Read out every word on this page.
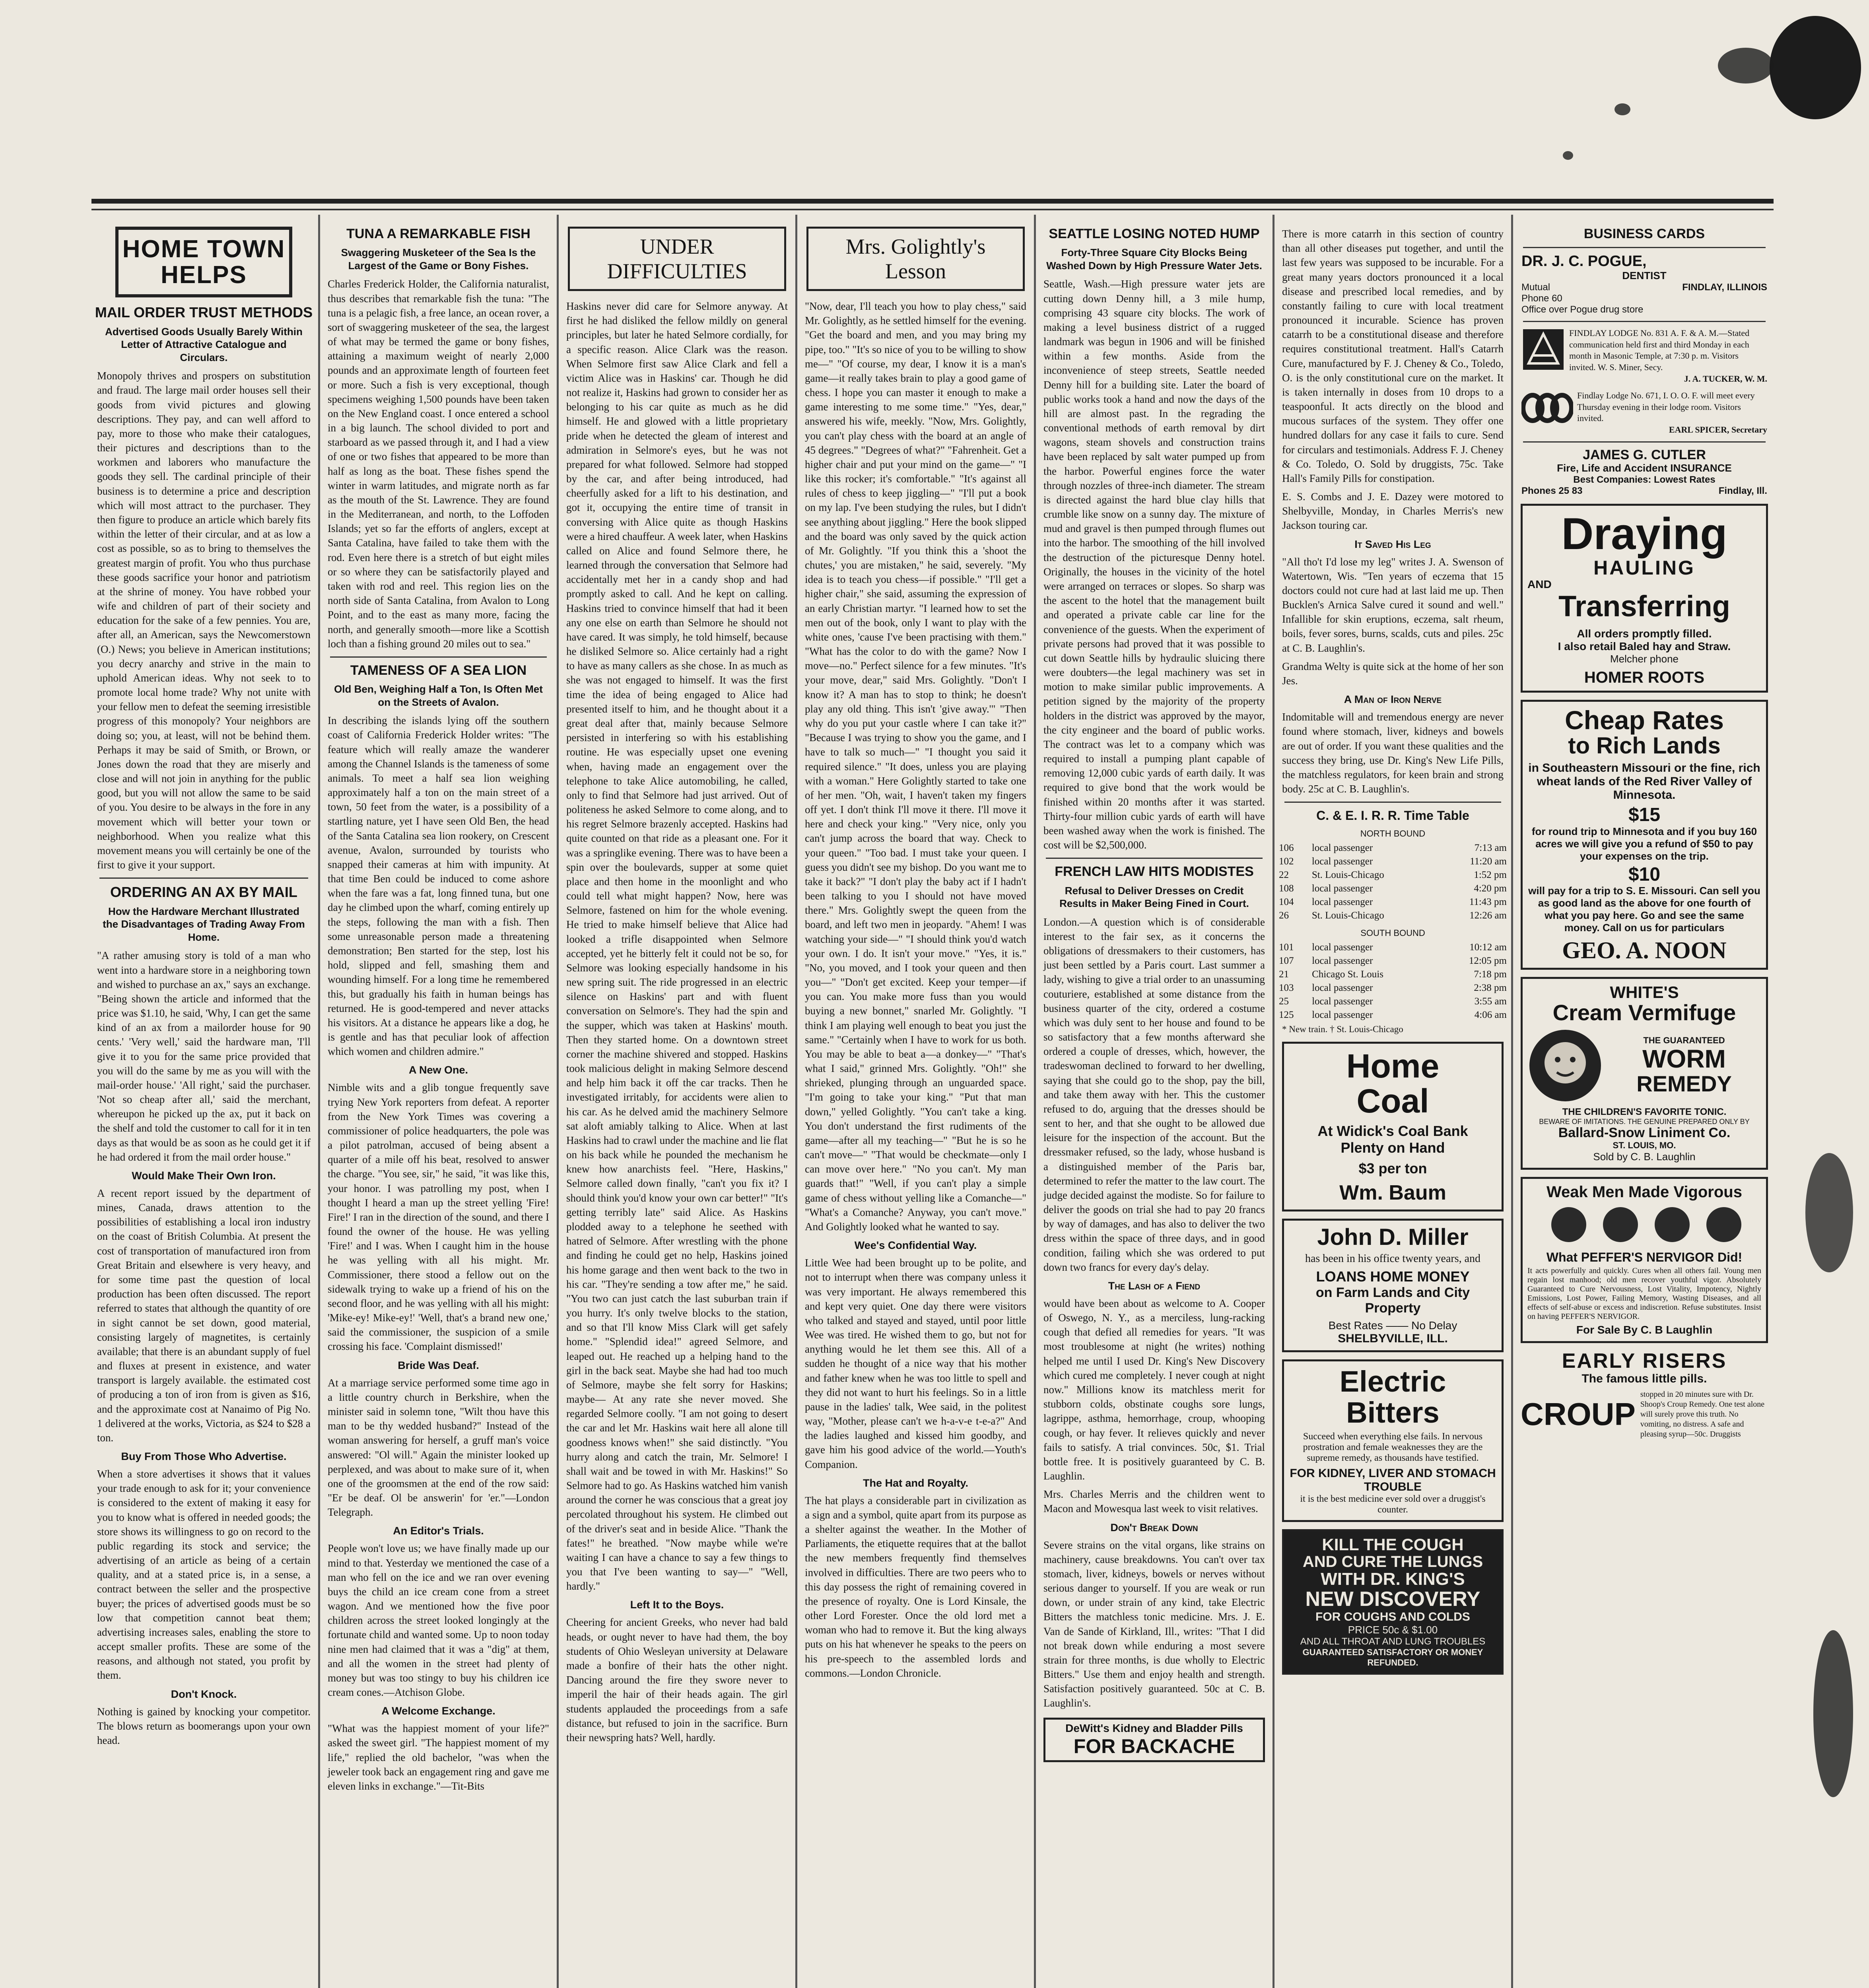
HOME TOWN
HELPS
MAIL ORDER TRUST METHODS
Advertised Goods Usually Barely Within Letter of Attractive Catalogue and Circulars.
Monopoly thrives and prospers on substitution and fraud. The large mail order houses sell their goods from vivid pictures and glowing descriptions. They pay, and can well afford to pay, more to those who make their catalogues, their pictures and descriptions than to the workmen and laborers who manufacture the goods they sell. The cardinal principle of their business is to determine a price and description which will most attract to the purchaser. They then figure to produce an article which barely fits within the letter of their circular, and at as low a cost as possible, so as to bring to themselves the greatest margin of profit. You who thus purchase these goods sacrifice your honor and patriotism at the shrine of money. You have robbed your wife and children of part of their society and education for the sake of a few pennies. You are, after all, an American, says the Newcomerstown (O.) News; you believe in American institutions; you decry anarchy and strive in the main to uphold American ideas. Why not seek to to promote local home trade? Why not unite with your fellow men to defeat the seeming irresistible progress of this monopoly? Your neighbors are doing so; you, at least, will not be behind them. Perhaps it may be said of Smith, or Brown, or Jones down the road that they are miserly and close and will not join in anything for the public good, but you will not allow the same to be said of you. You desire to be always in the fore in any movement which will better your town or neighborhood. When you realize what this movement means you will certainly be one of the first to give it your support.
ORDERING AN AX BY MAIL
How the Hardware Merchant Illustrated the Disadvantages of Trading Away From Home.
"A rather amusing story is told of a man who went into a hardware store in a neighboring town and wished to purchase an ax," says an exchange. "Being shown the article and informed that the price was $1.10, he said, 'Why, I can get the same kind of an ax from a mailorder house for 90 cents.' 'Very well,' said the hardware man, 'I'll give it to you for the same price provided that you will do the same by me as you will with the mail-order house.' 'All right,' said the purchaser. 'Not so cheap after all,' said the merchant, whereupon he picked up the ax, put it back on the shelf and told the customer to call for it in ten days as that would be as soon as he could get it if he had ordered it from the mail order house."
Would Make Their Own Iron.
A recent report issued by the department of mines, Canada, draws attention to the possibilities of establishing a local iron industry on the coast of British Columbia. At present the cost of transportation of manufactured iron from Great Britain and elsewhere is very heavy, and for some time past the question of local production has been often discussed. The report referred to states that although the quantity of ore in sight cannot be set down, good material, consisting largely of magnetites, is certainly available; that there is an abundant supply of fuel and fluxes at present in existence, and water transport is largely available. the estimated cost of producing a ton of iron from is given as $16, and the approximate cost at Nanaimo of Pig No. 1 delivered at the works, Victoria, as $24 to $28 a ton.
Buy From Those Who Advertise.
When a store advertises it shows that it values your trade enough to ask for it; your convenience is considered to the extent of making it easy for you to know what is offered in needed goods; the store shows its willingness to go on record to the public regarding its stock and service; the advertising of an article as being of a certain quality, and at a stated price is, in a sense, a contract between the seller and the prospective buyer; the prices of advertised goods must be so low that competition cannot beat them; advertising increases sales, enabling the store to accept smaller profits. These are some of the reasons, and although not stated, you profit by them.
Don't Knock.
Nothing is gained by knocking your competitor. The blows return as boomerangs upon your own head.
TUNA A REMARKABLE FISH
Swaggering Musketeer of the Sea Is the Largest of the Game or Bony Fishes.
Charles Frederick Holder, the California naturalist, thus describes that remarkable fish the tuna: "The tuna is a pelagic fish, a free lance, an ocean rover, a sort of swaggering musketeer of the sea, the largest of what may be termed the game or bony fishes, attaining a maximum weight of nearly 2,000 pounds and an approximate length of fourteen feet or more. Such a fish is very exceptional, though specimens weighing 1,500 pounds have been taken on the New England coast. I once entered a school in a big launch. The school divided to port and starboard as we passed through it, and I had a view of one or two fishes that appeared to be more than half as long as the boat. These fishes spend the winter in warm latitudes, and migrate north as far as the mouth of the St. Lawrence. They are found in the Mediterranean, and north, to the Loffoden Islands; yet so far the efforts of anglers, except at Santa Catalina, have failed to take them with the rod. Even here there is a stretch of but eight miles or so where they can be satisfactorily played and taken with rod and reel. This region lies on the north side of Santa Catalina, from Avalon to Long Point, and to the east as many more, facing the north, and generally smooth—more like a Scottish loch than a fishing ground 20 miles out to sea."
TAMENESS OF A SEA LION
Old Ben, Weighing Half a Ton, Is Often Met on the Streets of Avalon.
In describing the islands lying off the southern coast of California Frederick Holder writes: "The feature which will really amaze the wanderer among the Channel Islands is the tameness of some animals. To meet a half sea lion weighing approximately half a ton on the main street of a town, 50 feet from the water, is a possibility of a startling nature, yet I have seen Old Ben, the head of the Santa Catalina sea lion rookery, on Crescent avenue, Avalon, surrounded by tourists who snapped their cameras at him with impunity. At that time Ben could be induced to come ashore when the fare was a fat, long finned tuna, but one day he climbed upon the wharf, coming entirely up the steps, following the man with a fish. Then some unreasonable person made a threatening demonstration; Ben started for the step, lost his hold, slipped and fell, smashing them and wounding himself. For a long time he remembered this, but gradually his faith in human beings has returned. He is good-tempered and never attacks his visitors. At a distance he appears like a dog, he is gentle and has that peculiar look of affection which women and children admire."
A New One.
Nimble wits and a glib tongue frequently save trying New York reporters from defeat. A reporter from the New York Times was covering a commissioner of police headquarters, the pole was a pilot patrolman, accused of being absent a quarter of a mile off his beat, resolved to answer the charge. "You see, sir," he said, "it was like this, your honor. I was patrolling my post, when I thought I heard a man up the street yelling 'Fire! Fire!' I ran in the direction of the sound, and there I found the owner of the house. He was yelling 'Fire!' and I was. When I caught him in the house he was yelling with all his might. Mr. Commissioner, there stood a fellow out on the sidewalk trying to wake up a friend of his on the second floor, and he was yelling with all his might: 'Mike-ey! Mike-ey!' 'Well, that's a brand new one,' said the commissioner, the suspicion of a smile crossing his face. 'Complaint dismissed!'
Bride Was Deaf.
At a marriage service performed some time ago in a little country church in Berkshire, when the minister said in solemn tone, "Wilt thou have this man to be thy wedded husband?" Instead of the woman answering for herself, a gruff man's voice answered: "Ol will." Again the minister looked up perplexed, and was about to make sure of it, when one of the groomsmen at the end of the row said: "Er be deaf. Ol be answerin' for 'er."—London Telegraph.
An Editor's Trials.
People won't love us; we have finally made up our mind to that. Yesterday we mentioned the case of a man who fell on the ice and we ran over evening buys the child an ice cream cone from a street wagon. And we mentioned how the five poor children across the street looked longingly at the fortunate child and wanted some. Up to noon today nine men had claimed that it was a "dig" at them, and all the women in the street had plenty of money but was too stingy to buy his children ice cream cones.—Atchison Globe.
A Welcome Exchange.
"What was the happiest moment of your life?" asked the sweet girl. "The happiest moment of my life," replied the old bachelor, "was when the jeweler took back an engagement ring and gave me eleven links in exchange."—Tit-Bits
UNDER
DIFFICULTIES
Haskins never did care for Selmore anyway. At first he had disliked the fellow mildly on general principles, but later he hated Selmore cordially, for a specific reason. Alice Clark was the reason. When Selmore first saw Alice Clark and fell a victim Alice was in Haskins' car. Though he did not realize it, Haskins had grown to consider her as belonging to his car quite as much as he did himself. He and glowed with a little proprietary pride when he detected the gleam of interest and admiration in Selmore's eyes, but he was not prepared for what followed. Selmore had stopped by the car, and after being introduced, had cheerfully asked for a lift to his destination, and got it, occupying the entire time of transit in conversing with Alice quite as though Haskins were a hired chauffeur. A week later, when Haskins called on Alice and found Selmore there, he learned through the conversation that Selmore had accidentally met her in a candy shop and had promptly asked to call. And he kept on calling. Haskins tried to convince himself that had it been any one else on earth than Selmore he should not have cared. It was simply, he told himself, because he disliked Selmore so. Alice certainly had a right to have as many callers as she chose. In as much as she was not engaged to himself. It was the first time the idea of being engaged to Alice had presented itself to him, and he thought about it a great deal after that, mainly because Selmore persisted in interfering so with his establishing routine. He was especially upset one evening when, having made an engagement over the telephone to take Alice automobiling, he called, only to find that Selmore had just arrived. Out of politeness he asked Selmore to come along, and to his regret Selmore brazenly accepted. Haskins had quite counted on that ride as a pleasant one. For it was a springlike evening. There was to have been a spin over the boulevards, supper at some quiet place and then home in the moonlight and who could tell what might happen? Now, here was Selmore, fastened on him for the whole evening. He tried to make himself believe that Alice had looked a trifle disappointed when Selmore accepted, yet he bitterly felt it could not be so, for Selmore was looking especially handsome in his new spring suit. The ride progressed in an electric silence on Haskins' part and with fluent conversation on Selmore's. They had the spin and the supper, which was taken at Haskins' mouth. Then they started home. On a downtown street corner the machine shivered and stopped. Haskins took malicious delight in making Selmore descend and help him back it off the car tracks. Then he investigated irritably, for accidents were alien to his car. As he delved amid the machinery Selmore sat aloft amiably talking to Alice. When at last Haskins had to crawl under the machine and lie flat on his back while he pounded the mechanism he knew how anarchists feel. "Here, Haskins," Selmore called down finally, "can't you fix it? I should think you'd know your own car better!" "It's getting terribly late" said Alice. As Haskins plodded away to a telephone he seethed with hatred of Selmore. After wrestling with the phone and finding he could get no help, Haskins joined his home garage and then went back to the two in his car. "They're sending a tow after me," he said. "You two can just catch the last suburban train if you hurry. It's only twelve blocks to the station, and so that I'll know Miss Clark will get safely home." "Splendid idea!" agreed Selmore, and leaped out. He reached up a helping hand to the girl in the back seat. Maybe she had had too much of Selmore, maybe she felt sorry for Haskins; maybe— At any rate she never moved. She regarded Selmore coolly. "I am not going to desert the car and let Mr. Haskins wait here all alone till goodness knows when!" she said distinctly. "You hurry along and catch the train, Mr. Selmore! I shall wait and be towed in with Mr. Haskins!" So Selmore had to go. As Haskins watched him vanish around the corner he was conscious that a great joy percolated throughout his system. He climbed out of the driver's seat and in beside Alice. "Thank the fates!" he breathed. "Now maybe while we're waiting I can have a chance to say a few things to you that I've been wanting to say—" "Well, hardly."
Left It to the Boys.
Cheering for ancient Greeks, who never had bald heads, or ought never to have had them, the boy students of Ohio Wesleyan university at Delaware made a bonfire of their hats the other night. Dancing around the fire they swore never to imperil the hair of their heads again. The girl students applauded the proceedings from a safe distance, but refused to join in the sacrifice. Burn their newspring hats? Well, hardly.
Mrs. Golightly's
Lesson
"Now, dear, I'll teach you how to play chess," said Mr. Golightly, as he settled himself for the evening. "Get the board and men, and you may bring my pipe, too." "It's so nice of you to be willing to show me—" "Of course, my dear, I know it is a man's game—it really takes brain to play a good game of chess. I hope you can master it enough to make a game interesting to me some time." "Yes, dear," answered his wife, meekly. "Now, Mrs. Golightly, you can't play chess with the board at an angle of 45 degrees." "Degrees of what?" "Fahrenheit. Get a higher chair and put your mind on the game—" "I like this rocker; it's comfortable." "It's against all rules of chess to keep jiggling—" "I'll put a book on my lap. I've been studying the rules, but I didn't see anything about jiggling." Here the book slipped and the board was only saved by the quick action of Mr. Golightly. "If you think this a 'shoot the chutes,' you are mistaken," he said, severely. "My idea is to teach you chess—if possible." "I'll get a higher chair," she said, assuming the expression of an early Christian martyr. "I learned how to set the men out of the book, only I want to play with the white ones, 'cause I've been practising with them." "What has the color to do with the game? Now I move—no." Perfect silence for a few minutes. "It's your move, dear," said Mrs. Golightly. "Don't I know it? A man has to stop to think; he doesn't play any old thing. This isn't 'give away.'" "Then why do you put your castle where I can take it?" "Because I was trying to show you the game, and I have to talk so much—" "I thought you said it required silence." "It does, unless you are playing with a woman." Here Golightly started to take one of her men. "Oh, wait, I haven't taken my fingers off yet. I don't think I'll move it there. I'll move it here and check your king." "Very nice, only you can't jump across the board that way. Check to your queen." "Too bad. I must take your queen. I guess you didn't see my bishop. Do you want me to take it back?" "I don't play the baby act if I hadn't been talking to you I should not have moved there." Mrs. Golightly swept the queen from the board, and left two men in jeopardy. "Ahem! I was watching your side—" "I should think you'd watch your own. I do. It isn't your move." "Yes, it is." "No, you moved, and I took your queen and then you—" "Don't get excited. Keep your temper—if you can. You make more fuss than you would buying a new bonnet," snarled Mr. Golightly. "I think I am playing well enough to beat you just the same." "Certainly when I have to work for us both. You may be able to beat a—a donkey—" "That's what I said," grinned Mrs. Golightly. "Oh!" she shrieked, plunging through an unguarded space. "I'm going to take your king." "Put that man down," yelled Golightly. "You can't take a king. You don't understand the first rudiments of the game—after all my teaching—" "But he is so he can't move—" "That would be checkmate—only I can move over here." "No you can't. My man guards that!" "Well, if you can't play a simple game of chess without yelling like a Comanche—" "What's a Comanche? Anyway, you can't move." And Golightly looked what he wanted to say.
Wee's Confidential Way.
Little Wee had been brought up to be polite, and not to interrupt when there was company unless it was very important. He always remembered this and kept very quiet. One day there were visitors who talked and stayed and stayed, until poor little Wee was tired. He wished them to go, but not for anything would he let them see this. All of a sudden he thought of a nice way that his mother and father knew when he was too little to spell and they did not want to hurt his feelings. So in a little pause in the ladies' talk, Wee said, in the politest way, "Mother, please can't we h-a-v-e t-e-a?" And the ladies laughed and kissed him goodby, and gave him his good advice of the world.—Youth's Companion.
The Hat and Royalty.
The hat plays a considerable part in civilization as a sign and a symbol, quite apart from its purpose as a shelter against the weather. In the Mother of Parliaments, the etiquette requires that at the ballot the new members frequently find themselves involved in difficulties. There are two peers who to this day possess the right of remaining covered in the presence of royalty. One is Lord Kinsale, the other Lord Forester. Once the old lord met a woman who had to remove it. But the king always puts on his hat whenever he speaks to the peers on his pre-speech to the assembled lords and commons.—London Chronicle.
SEATTLE LOSING NOTED HUMP
Forty-Three Square City Blocks Being Washed Down by High Pressure Water Jets.
Seattle, Wash.—High pressure water jets are cutting down Denny hill, a 3 mile hump, comprising 43 square city blocks. The work of making a level business district of a rugged landmark was begun in 1906 and will be finished within a few months. Aside from the inconvenience of steep streets, Seattle needed Denny hill for a building site. Later the board of public works took a hand and now the days of the hill are almost past. In the regrading the conventional methods of earth removal by dirt wagons, steam shovels and construction trains have been replaced by salt water pumped up from the harbor. Powerful engines force the water through nozzles of three-inch diameter. The stream is directed against the hard blue clay hills that crumble like snow on a sunny day. The mixture of mud and gravel is then pumped through flumes out into the harbor. The smoothing of the hill involved the destruction of the picturesque Denny hotel. Originally, the houses in the vicinity of the hotel were arranged on terraces or slopes. So sharp was the ascent to the hotel that the management built and operated a private cable car line for the convenience of the guests. When the experiment of private persons had proved that it was possible to cut down Seattle hills by hydraulic sluicing there were doubters—the legal machinery was set in motion to make similar public improvements. A petition signed by the majority of the property holders in the district was approved by the mayor, the city engineer and the board of public works. The contract was let to a company which was required to install a pumping plant capable of removing 12,000 cubic yards of earth daily. It was required to give bond that the work would be finished within 20 months after it was started. Thirty-four million cubic yards of earth will have been washed away when the work is finished. The cost will be $2,500,000.
FRENCH LAW HITS MODISTES
Refusal to Deliver Dresses on Credit Results in Maker Being Fined in Court.
London.—A question which is of considerable interest to the fair sex, as it concerns the obligations of dressmakers to their customers, has just been settled by a Paris court. Last summer a lady, wishing to give a trial order to an unassuming couturiere, established at some distance from the business quarter of the city, ordered a costume which was duly sent to her house and found to be so satisfactory that a few months afterward she ordered a couple of dresses, which, however, the tradeswoman declined to forward to her dwelling, saying that she could go to the shop, pay the bill, and take them away with her. This the customer refused to do, arguing that the dresses should be sent to her, and that she ought to be allowed due leisure for the inspection of the account. But the dressmaker refused, so the lady, whose husband is a distinguished member of the Paris bar, determined to refer the matter to the law court. The judge decided against the modiste. So for failure to deliver the goods on trial she had to pay 20 francs by way of damages, and has also to deliver the two dress within the space of three days, and in good condition, failing which she was ordered to put down two francs for every day's delay.
The Lash of a Fiend
would have been about as welcome to A. Cooper of Oswego, N. Y., as a merciless, lung-racking cough that defied all remedies for years. "It was most troublesome at night (he writes) nothing helped me until I used Dr. King's New Discovery which cured me completely. I never cough at night now." Millions know its matchless merit for stubborn colds, obstinate coughs sore lungs, lagrippe, asthma, hemorrhage, croup, whooping cough, or hay fever. It relieves quickly and never fails to satisfy. A trial convinces. 50c, $1. Trial bottle free. It is positively guaranteed by C. B. Laughlin.
Mrs. Charles Merris and the children went to Macon and Mowesqua last week to visit relatives.
Don't Break Down
Severe strains on the vital organs, like strains on machinery, cause breakdowns. You can't over tax stomach, liver, kidneys, bowels or nerves without serious danger to yourself. If you are weak or run down, or under strain of any kind, take Electric Bitters the matchless tonic medicine. Mrs. J. E. Van de Sande of Kirkland, Ill., writes: "That I did not break down while enduring a most severe strain for three months, is due wholly to Electric Bitters." Use them and enjoy health and strength. Satisfaction positively guaranteed. 50c at C. B. Laughlin's.
DeWitt's Kidney and Bladder Pills
FOR BACKACHE
There is more catarrh in this section of country than all other diseases put together, and until the last few years was supposed to be incurable. For a great many years doctors pronounced it a local disease and prescribed local remedies, and by constantly failing to cure with local treatment pronounced it incurable. Science has proven catarrh to be a constitutional disease and therefore requires constitutional treatment. Hall's Catarrh Cure, manufactured by F. J. Cheney & Co., Toledo, O. is the only constitutional cure on the market. It is taken internally in doses from 10 drops to a teaspoonful. It acts directly on the blood and mucous surfaces of the system. They offer one hundred dollars for any case it fails to cure. Send for circulars and testimonials. Address F. J. Cheney & Co. Toledo, O. Sold by druggists, 75c. Take Hall's Family Pills for constipation.
E. S. Combs and J. E. Dazey were motored to Shelbyville, Monday, in Charles Merris's new Jackson touring car.
It Saved His Leg
"All tho't I'd lose my leg" writes J. A. Swenson of Watertown, Wis. "Ten years of eczema that 15 doctors could not cure had at last laid me up. Then Bucklen's Arnica Salve cured it sound and well." Infallible for skin eruptions, eczema, salt rheum, boils, fever sores, burns, scalds, cuts and piles. 25c at C. B. Laughlin's.
Grandma Welty is quite sick at the home of her son Jes.
A Man of Iron Nerve
Indomitable will and tremendous energy are never found where stomach, liver, kidneys and bowels are out of order. If you want these qualities and the success they bring, use Dr. King's New Life Pills, the matchless regulators, for keen brain and strong body. 25c at C. B. Laughlin's.
C. & E. I. R. R. Time Table
NORTH BOUND
106	local passenger	7:13 am
102	local passenger	11:20 am
22	St. Louis-Chicago	1:52 pm
108	local passenger	4:20 pm
104	local passenger	11:43 pm
26	St. Louis-Chicago	12:26 am
SOUTH BOUND
101	local passenger	10:12 am
107	local passenger	12:05 pm
21	Chicago St. Louis	7:18 pm
103	local passenger	2:38 pm
25	local passenger	3:55 am
125	local passenger	4:06 am
* New train. † St. Louis-Chicago
Home
Coal
At Widick's Coal Bank
Plenty on Hand
$3 per ton
Wm. Baum
John D. Miller
has been in his office twenty years, and
LOANS HOME MONEY
on Farm Lands and City Property
Best Rates —— No Delay
SHELBYVILLE, ILL.
Electric
Bitters
Succeed when everything else fails. In nervous prostration and female weaknesses they are the supreme remedy, as thousands have testified.
FOR KIDNEY, LIVER AND STOMACH TROUBLE
it is the best medicine ever sold over a druggist's counter.
KILL THE COUGH
AND CURE THE LUNGS
WITH DR. KING'S
NEW DISCOVERY
FOR COUGHS AND COLDS
PRICE 50c & $1.00
AND ALL THROAT AND LUNG TROUBLES
GUARANTEED SATISFACTORY OR MONEY REFUNDED.
BUSINESS CARDS
DR. J. C. POGUE,
DENTIST
Mutual	FINDLAY, ILLINOIS
Phone 60
Office over Pogue drug store
FINDLAY LODGE No. 831 A. F. & A. M.—Stated communication held first and third Monday in each month in Masonic Temple, at 7:30 p. m. Visitors invited. W. S. Miner, Secy.
J. A. TUCKER, W. M.
Findlay Lodge No. 671, I. O. O. F. will meet every Thursday evening in their lodge room. Visitors invited.
EARL SPICER, Secretary
JAMES G. CUTLER
Fire, Life and Accident INSURANCE
Best Companies: Lowest Rates
Phones 25 83	Findlay, Ill.
Draying
HAULING
AND
Transferring
All orders promptly filled.
I also retail Baled hay and Straw.
Melcher phone
HOMER ROOTS
Cheap Rates
to Rich Lands
in Southeastern Missouri or the fine, rich wheat lands of the Red River Valley of Minnesota.
$15
for round trip to Minnesota and if you buy 160 acres we will give you a refund of $50 to pay your expenses on the trip.
$10
will pay for a trip to S. E. Missouri. Can sell you as good land as the above for one fourth of what you pay here. Go and see the same money. Call on us for particulars
GEO. A. NOON
WHITE'S
Cream Vermifuge
THE GUARANTEED
WORM
REMEDY
THE CHILDREN'S FAVORITE TONIC.
BEWARE OF IMITATIONS. THE GENUINE PREPARED ONLY BY
Ballard-Snow Liniment Co.
ST. LOUIS, MO.
Sold by C. B. Laughlin
Weak Men Made Vigorous
What PEFFER'S NERVIGOR Did!
It acts powerfully and quickly. Cures when all others fail. Young men regain lost manhood; old men recover youthful vigor. Absolutely Guaranteed to Cure Nervousness, Lost Vitality, Impotency, Nightly Emissions, Lost Power, Failing Memory, Wasting Diseases, and all effects of self-abuse or excess and indiscretion. Refuse substitutes. Insist on having PEFFER'S NERVIGOR.
For Sale By C. B Laughlin
EARLY RISERS
The famous little pills.
CROUP
stopped in 20 minutes sure with Dr. Shoop's Croup Remedy. One test alone will surely prove this truth. No vomiting, no distress. A safe and pleasing syrup—50c. Druggists
